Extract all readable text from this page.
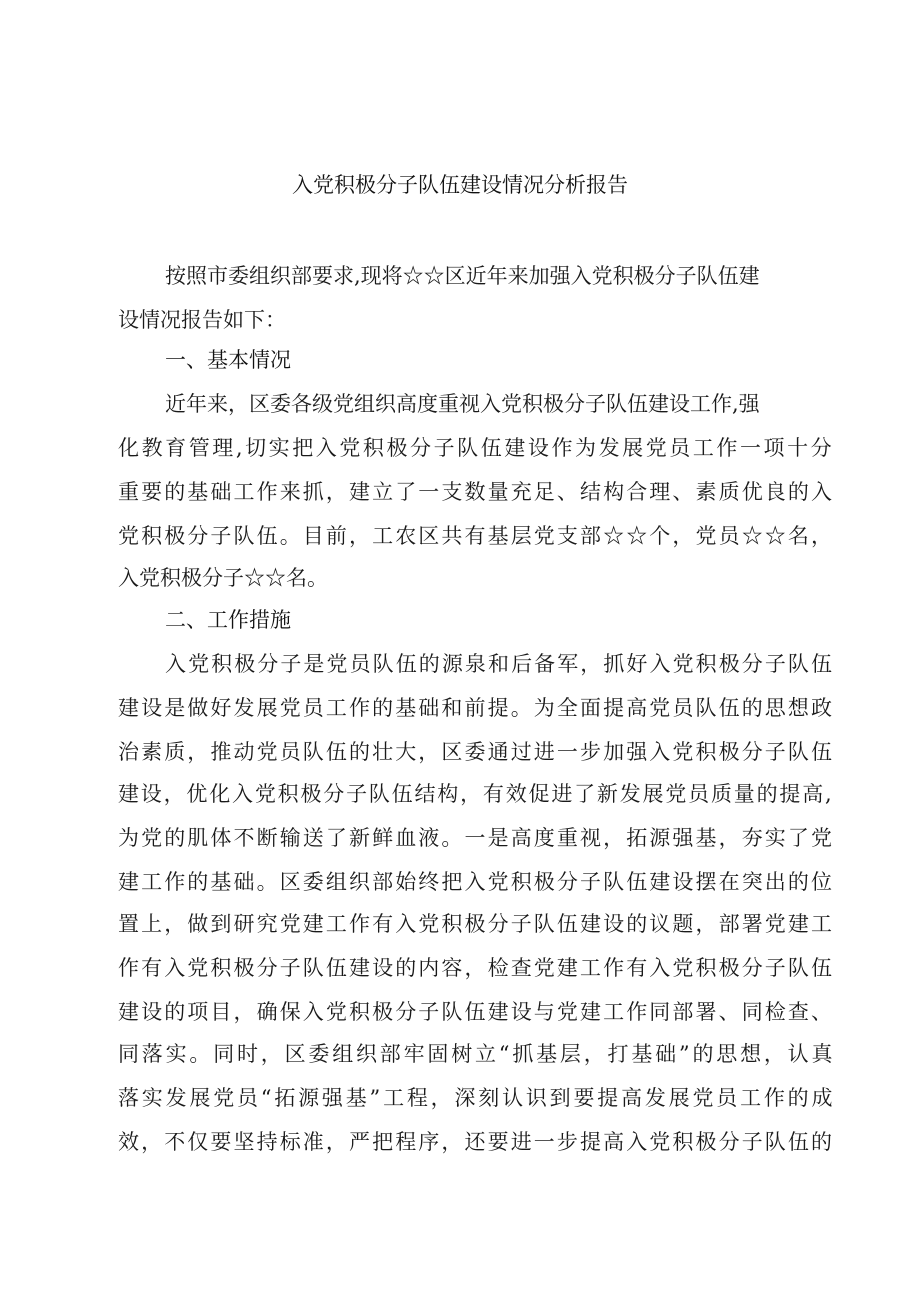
入党积极分子队伍建设情况分析报告
按照市委组织部要求,现将☆☆区近年来加强入党积极分子队伍建
设情况报告如下：
一、基本情况
近年来，区委各级党组织高度重视入党积极分子队伍建设工作,强
化教育管理,切实把入党积极分子队伍建设作为发展党员工作一项十分
重要的基础工作来抓，建立了一支数量充足、结构合理、素质优良的入
党积极分子队伍。目前，工农区共有基层党支部☆☆个，党员☆☆名，
入党积极分子☆☆名。
二、工作措施
入党积极分子是党员队伍的源泉和后备军，抓好入党积极分子队伍
建设是做好发展党员工作的基础和前提。为全面提高党员队伍的思想政
治素质，推动党员队伍的壮大，区委通过进一步加强入党积极分子队伍
建设，优化入党积极分子队伍结构，有效促进了新发展党员质量的提高,
为党的肌体不断输送了新鲜血液。一是高度重视，拓源强基，夯实了党
建工作的基础。区委组织部始终把入党积极分子队伍建设摆在突出的位
置上，做到研究党建工作有入党积极分子队伍建设的议题，部署党建工
作有入党积极分子队伍建设的内容，检查党建工作有入党积极分子队伍
建设的项目，确保入党积极分子队伍建设与党建工作同部署、同检查、
同落实。同时，区委组织部牢固树立“抓基层，打基础”的思想，认真
落实发展党员“拓源强基”工程，深刻认识到要提高发展党员工作的成
效，不仅要坚持标准，严把程序，还要进一步提高入党积极分子队伍的
